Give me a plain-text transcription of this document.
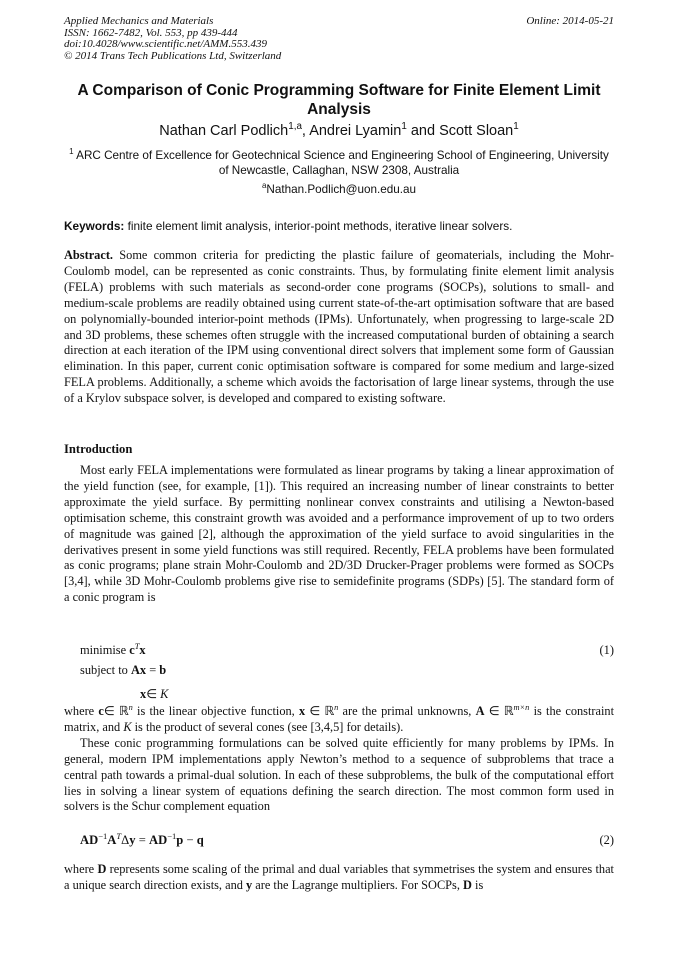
Applied Mechanics and Materials
ISSN: 1662-7482, Vol. 553, pp 439-444
doi:10.4028/www.scientific.net/AMM.553.439
© 2014 Trans Tech Publications Ltd, Switzerland
Online: 2014-05-21
A Comparison of Conic Programming Software for Finite Element Limit Analysis
Nathan Carl Podlich$^{1,a}$, Andrei Lyamin$^1$ and Scott Sloan$^1$
$^1$ ARC Centre of Excellence for Geotechnical Science and Engineering School of Engineering, University of Newcastle, Callaghan, NSW 2308, Australia
$^a$Nathan.Podlich@uon.edu.au
Keywords: finite element limit analysis, interior-point methods, iterative linear solvers.

Abstract. Some common criteria for predicting the plastic failure of geomaterials, including the Mohr-Coulomb model, can be represented as conic constraints. Thus, by formulating finite element limit analysis (FELA) problems with such materials as second-order cone programs (SOCPs), solutions to small- and medium-scale problems are readily obtained using current state-of-the-art optimisation software that are based on polynomially-bounded interior-point methods (IPMs). Unfortunately, when progressing to large-scale 2D and 3D problems, these schemes often struggle with the increased computational burden of obtaining a search direction at each iteration of the IPM using conventional direct solvers that implement some form of Gaussian elimination. In this paper, current conic optimisation software is compared for some medium and large-sized FELA problems. Additionally, a scheme which avoids the factorisation of large linear systems, through the use of a Krylov subspace solver, is developed and compared to existing software.

Introduction

Most early FELA implementations were formulated as linear programs by taking a linear approximation of the yield function (see, for example, [1]). This required an increasing number of linear constraints to better approximate the yield surface. By permitting nonlinear convex constraints and utilising a Newton-based optimisation scheme, this constraint growth was avoided and a performance improvement of up to two orders of magnitude was gained [2], although the approximation of the yield surface to avoid singularities in the derivatives present in some yield functions was still required. Recently, FELA problems have been formulated as conic programs; plane strain Mohr-Coulomb and 2D/3D Drucker-Prager problems were formed as SOCPs [3,4], while 3D Mohr-Coulomb problems give rise to semidefinite programs (SDPs) [5]. The standard form of a conic program is

minimise $c^Tx$	(1)
subject to Ax = b
x∈ K
where c∈ ℝ$^n$ is the linear objective function, x ∈ ℝ$^n$ are the primal unknowns, A ∈ ℝ$^{m\times n}$ is the constraint matrix, and K is the product of several cones (see [3,4,5] for details).
These conic programming formulations can be solved quite efficiently for many problems by IPMs. In general, modern IPM implementations apply Newton’s method to a sequence of subproblems that trace a central path towards a primal-dual solution. In each of these subproblems, the bulk of the computational effort lies in solving a linear system of equations defining the search direction. The most common form used in solvers is the Schur complement equation
$AD^{-1}A^T\Delta y = AD^{-1}p - q$	(2)

where D represents some scaling of the primal and dual variables that symmetrises the system and ensures that a unique search direction exists, and y are the Lagrange multipliers. For SOCPs, D is
